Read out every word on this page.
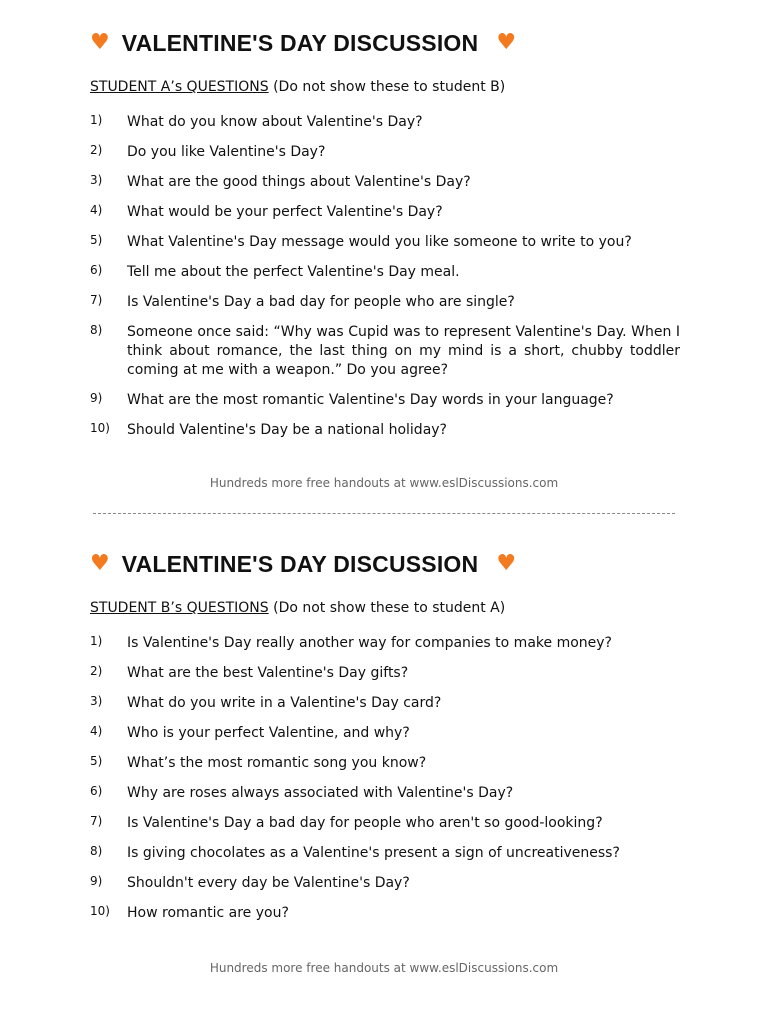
♥ VALENTINE'S DAY DISCUSSION ♥
STUDENT A’s QUESTIONS (Do not show these to student B)
1)	What do you know about Valentine's Day?
2)	Do you like Valentine's Day?
3)	What are the good things about Valentine's Day?
4)	What would be your perfect Valentine's Day?
5)	What Valentine's Day message would you like someone to write to you?
6)	Tell me about the perfect Valentine's Day meal.
7)	Is Valentine's Day a bad day for people who are single?
8)	Someone once said: “Why was Cupid was to represent Valentine's Day. When I think about romance, the last thing on my mind is a short, chubby toddler coming at me with a weapon.” Do you agree?
9)	What are the most romantic Valentine's Day words in your language?
10)	Should Valentine's Day be a national holiday?
Hundreds more free handouts at www.eslDiscussions.com
♥ VALENTINE'S DAY DISCUSSION ♥
STUDENT B’s QUESTIONS (Do not show these to student A)
1)	Is Valentine's Day really another way for companies to make money?
2)	What are the best Valentine's Day gifts?
3)	What do you write in a Valentine's Day card?
4)	Who is your perfect Valentine, and why?
5)	What’s the most romantic song you know?
6)	Why are roses always associated with Valentine's Day?
7)	Is Valentine's Day a bad day for people who aren't so good-looking?
8)	Is giving chocolates as a Valentine's present a sign of uncreativeness?
9)	Shouldn't every day be Valentine's Day?
10)	How romantic are you?
Hundreds more free handouts at www.eslDiscussions.com
